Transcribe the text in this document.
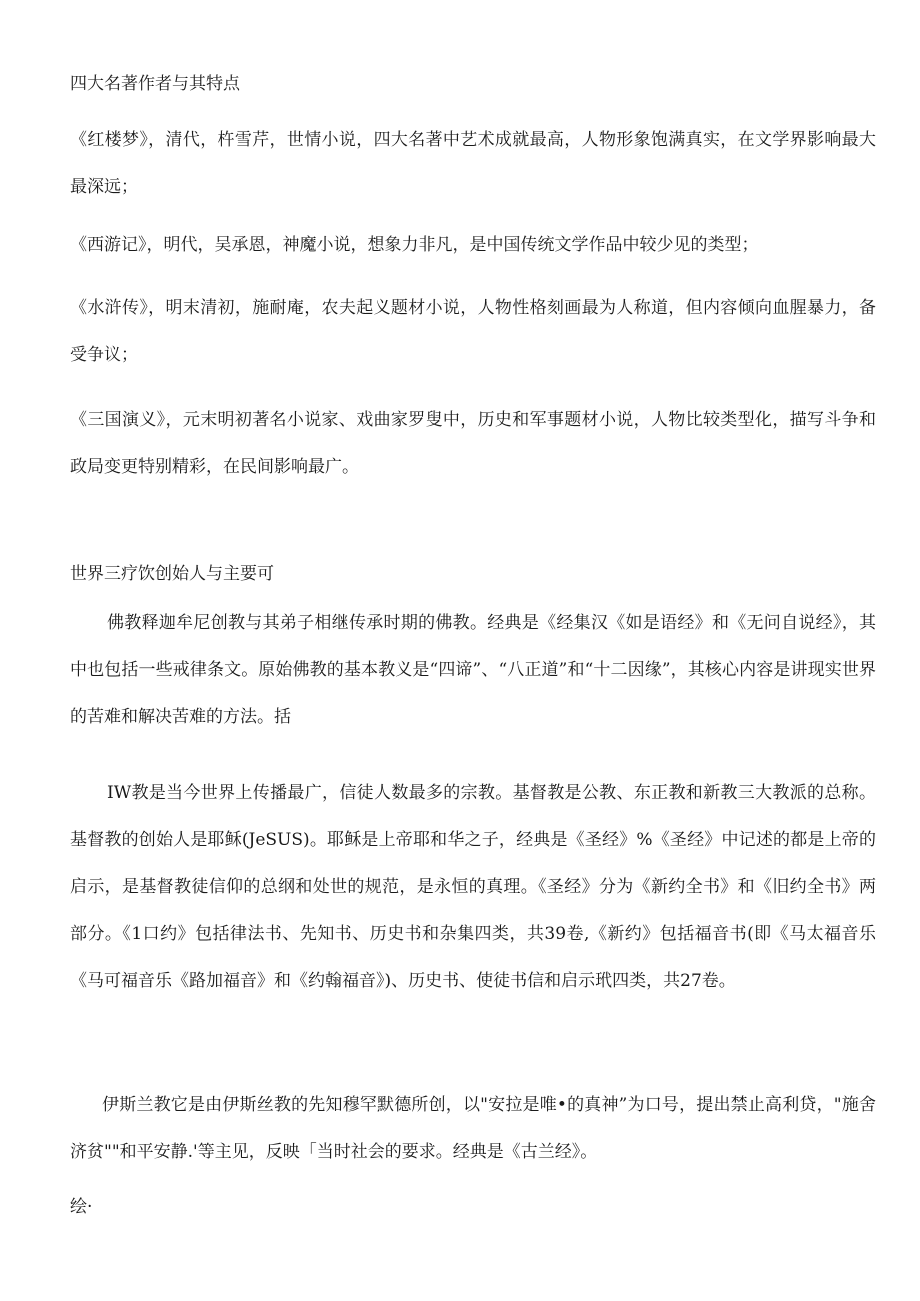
四大名著作者与其特点

《红楼梦》，清代，杵雪芹，世情小说，四大名著中艺术成就最高，人物形象饱满真实，在文学界影响最大最深远；

《西游记》，明代，吴承恩，神魔小说，想象力非凡，是中国传统文学作品中较少见的类型；

《水浒传》，明末清初，施耐庵，农夫起义题材小说，人物性格刻画最为人称道，但内容倾向血腥暴力，备受争议；

《三国演义》，元末明初著名小说家、戏曲家罗叟中，历史和军事题材小说，人物比较类型化，描写斗争和政局变更特别精彩，在民间影响最广。

世界三疗饮创始人与主要可

佛教释迦牟尼创教与其弟子相继传承时期的佛教。经典是《经集汉《如是语经》和《无问自说经》，其中也包括一些戒律条文。原始佛教的基本教义是“四谛”、“八正道”和“十二因缘”，其核心内容是讲现实世界的苦难和解决苦难的方法。括

IW教是当今世界上传播最广，信徒人数最多的宗教。基督教是公教、东正教和新教三大教派的总称。基督教的创始人是耶稣(JeSUS)。耶稣是上帝耶和华之子，经典是《圣经》%《圣经》中记述的都是上帝的启示，是基督教徒信仰的总纲和处世的规范，是永恒的真理。《圣经》分为《新约全书》和《旧约全书》两部分。《1口约》包括律法书、先知书、历史书和杂集四类，共39卷,《新约》包括福音书(即《马太福音乐《马可福音乐《路加福音》和《约翰福音》)、历史书、使徒书信和启示玳四类，共27卷。

伊斯兰教它是由伊斯丝教的先知穆罕默德所创，以"安拉是唯•的真神”为口号，提出禁止高利贷，"施舍济贫""和平安静.'等主见，反映「当时社会的要求。经典是《古兰经》。

绘·
